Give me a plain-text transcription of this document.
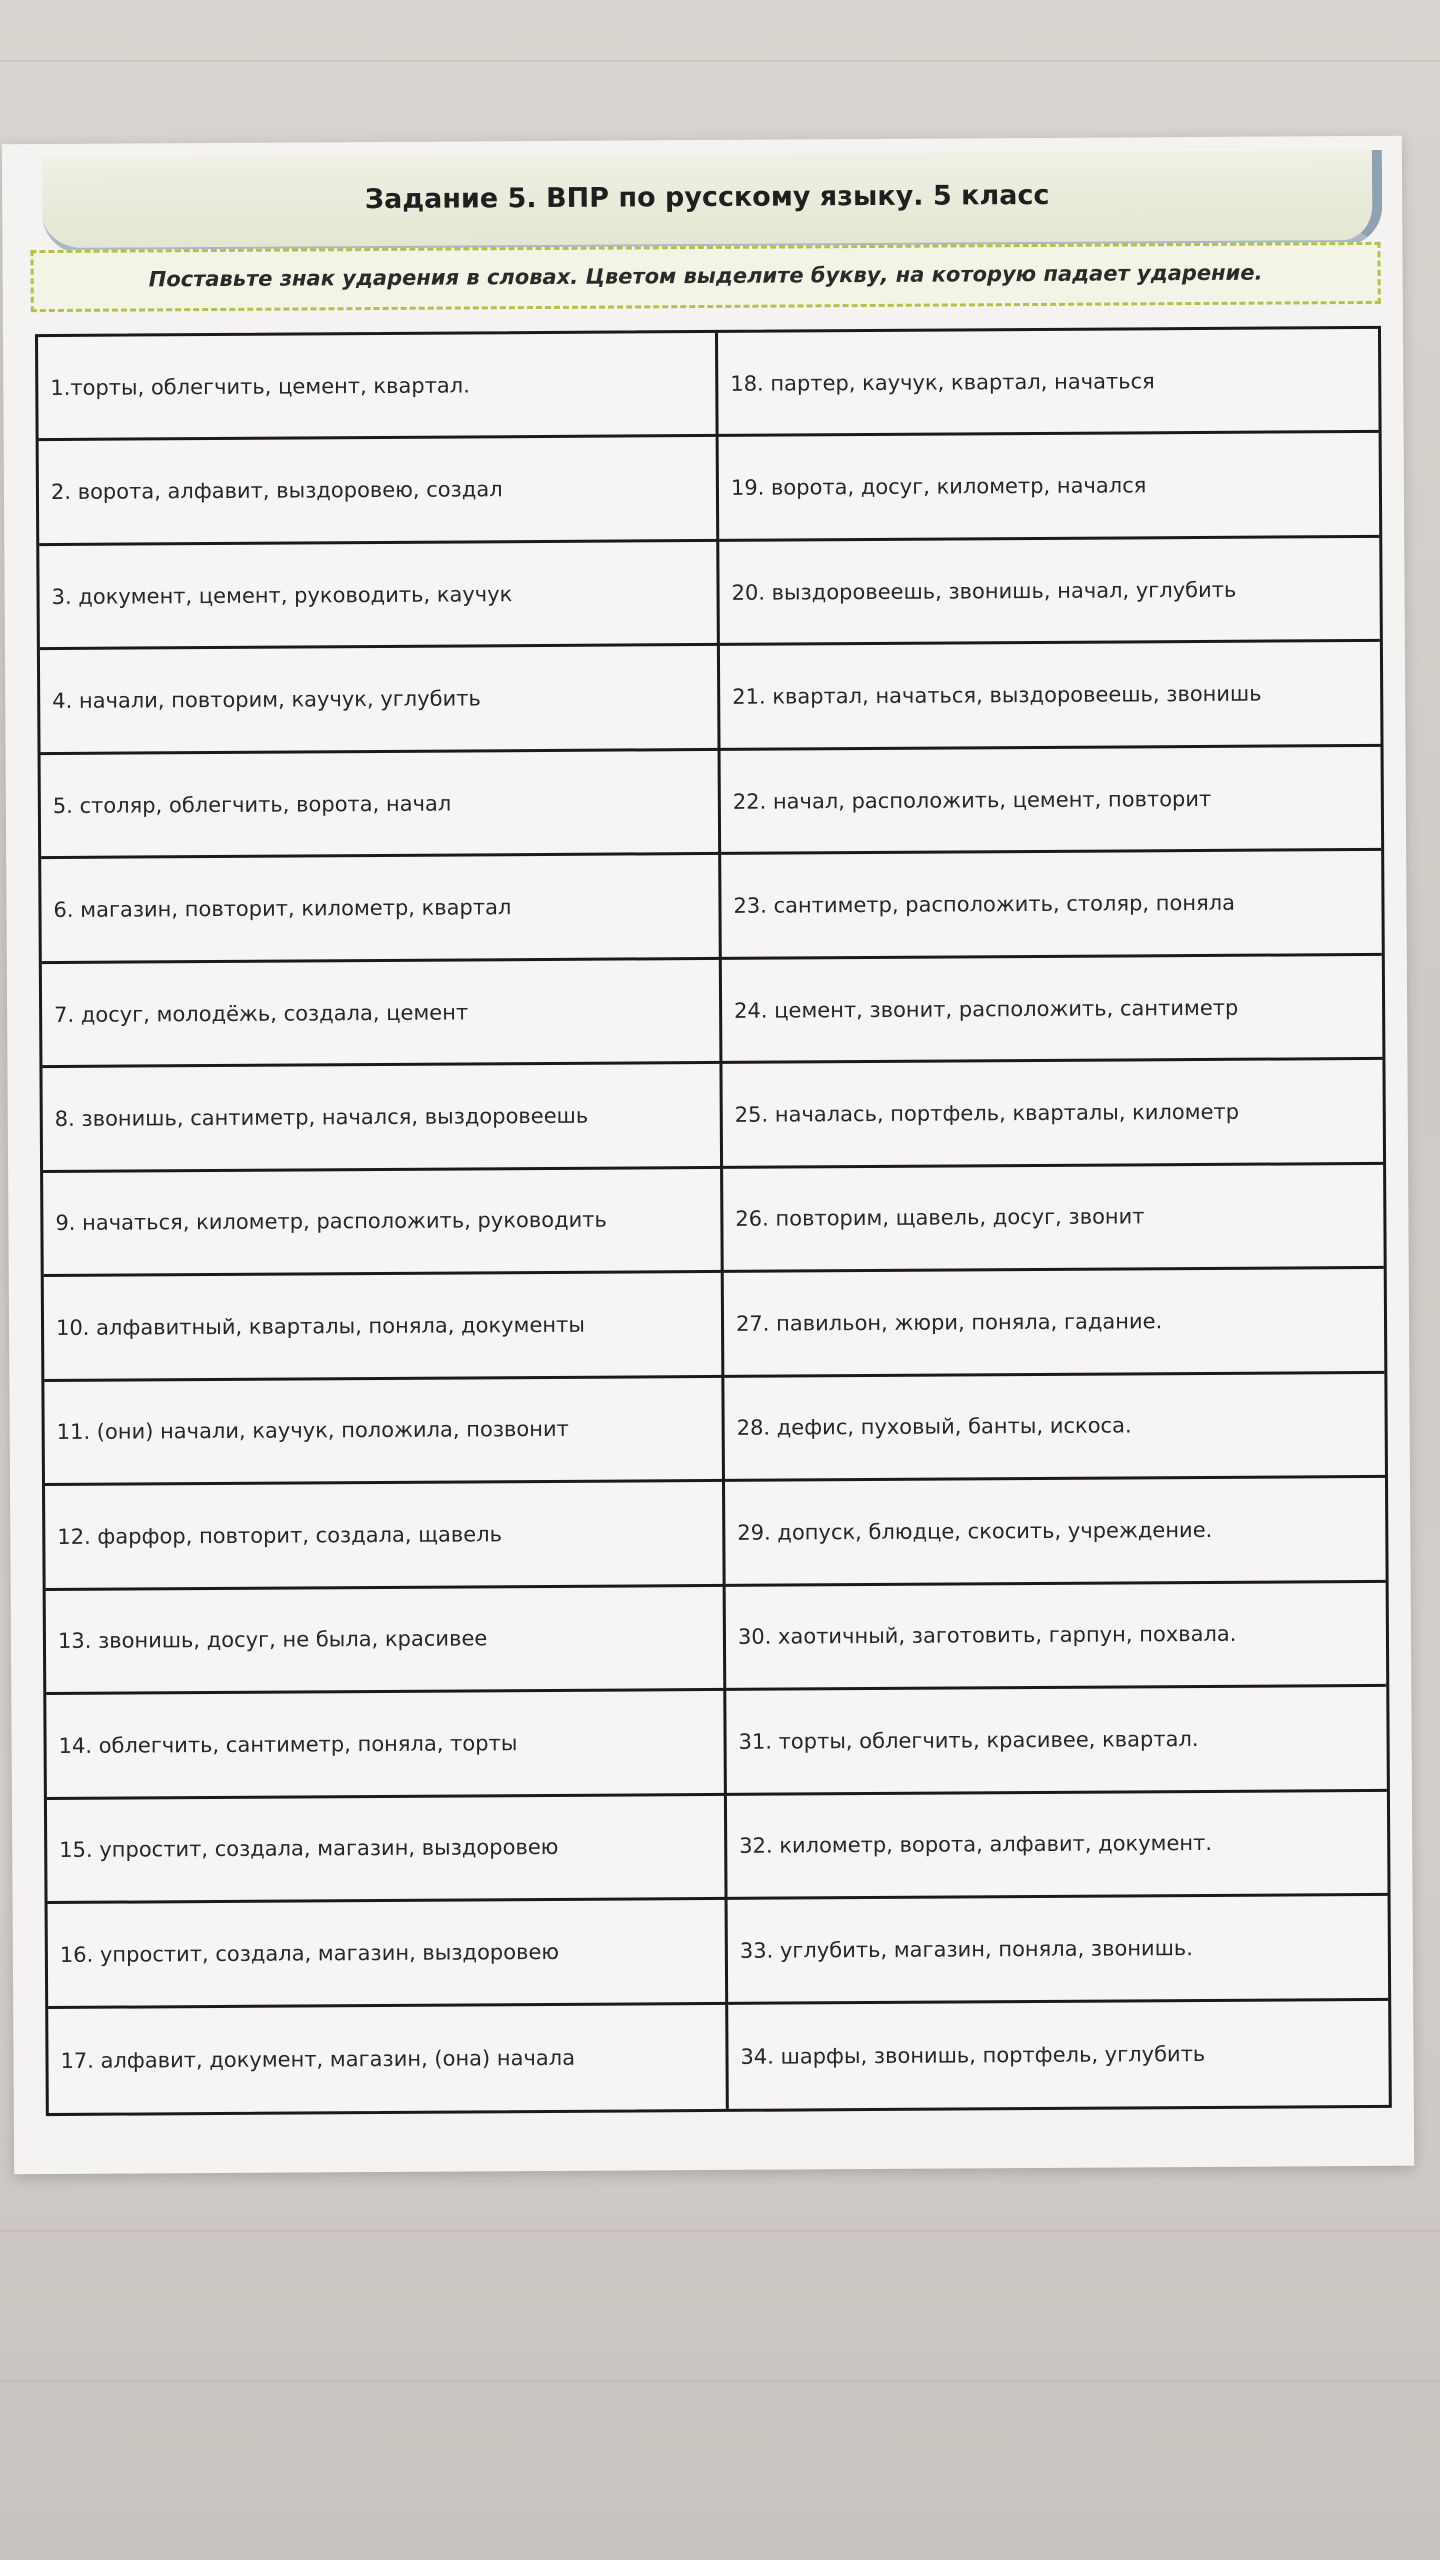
Задание 5. ВПР по русскому языку. 5 класс
Поставьте знак ударения в словах. Цветом выделите букву, на которую падает ударение.
1.торты, облегчить, цемент, квартал.	18. партер, каучук, квартал, начаться
2. ворота, алфавит, выздоровею, создал	19. ворота, досуг, километр, начался
3. документ, цемент, руководить, каучук	20. выздоровеешь, звонишь, начал, углубить
4. начали, повторим, каучук, углубить	21. квартал, начаться, выздоровеешь, звонишь
5. столяр, облегчить, ворота, начал	22. начал, расположить, цемент, повторит
6. магазин, повторит, километр, квартал	23. сантиметр, расположить, столяр, поняла
7. досуг, молодёжь, создала, цемент	24. цемент, звонит, расположить, сантиметр
8. звонишь, сантиметр, начался, выздоровеешь	25. началась, портфель, кварталы, километр
9. начаться, километр, расположить, руководить	26. повторим, щавель, досуг, звонит
10. алфавитный, кварталы, поняла, документы	27. павильон, жюри, поняла, гадание.
11. (они) начали, каучук, положила, позвонит	28. дефис, пуховый, банты, искоса.
12. фарфор, повторит, создала, щавель	29. допуск, блюдце, скосить, учреждение.
13. звонишь, досуг, не была, красивее	30. хаотичный, заготовить, гарпун, похвала.
14. облегчить, сантиметр, поняла, торты	31. торты, облегчить, красивее, квартал.
15. упростит, создала, магазин, выздоровею	32. километр, ворота, алфавит, документ.
16. упростит, создала, магазин, выздоровею	33. углубить, магазин, поняла, звонишь.
17. алфавит, документ, магазин, (она) начала	34. шарфы, звонишь, портфель, углубить
